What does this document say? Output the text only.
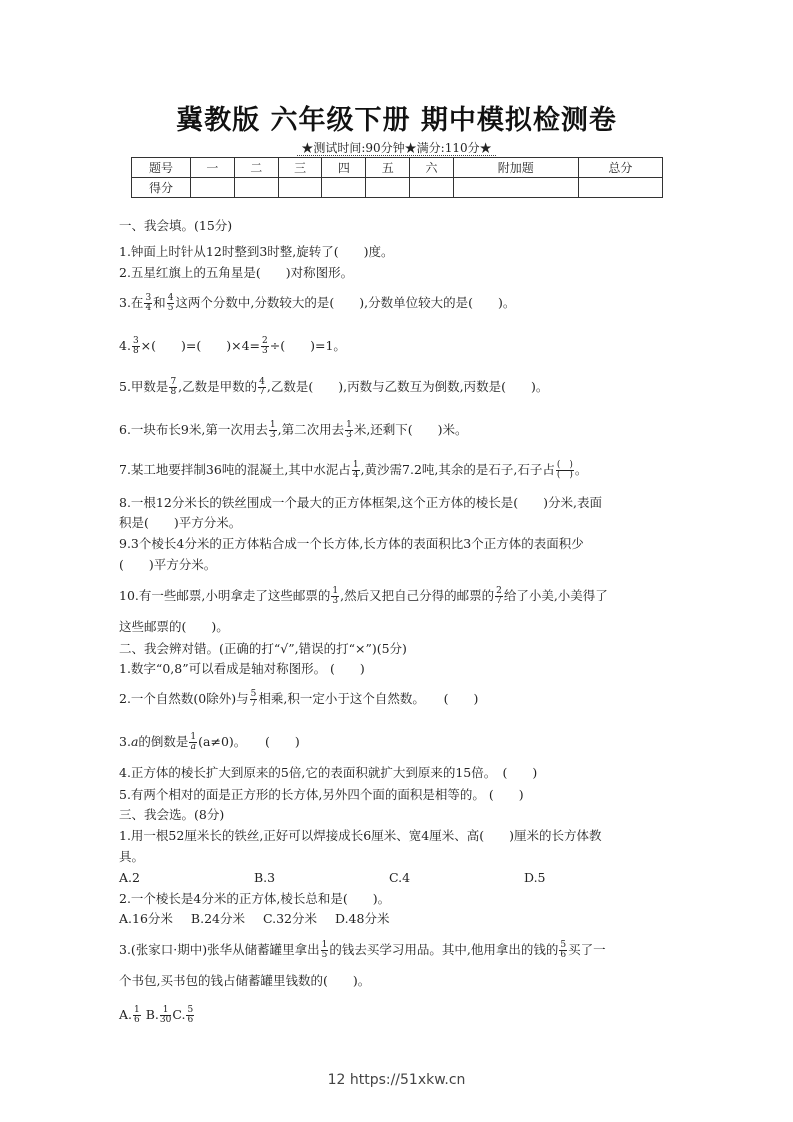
冀教版 六年级下册 期中模拟检测卷
★测试时间:90分钟★满分:110分★
题号	一	二	三	四	五	六	附加题	总分
得分								
一、我会填。(15分)
1.钟面上时针从12时整到3时整,旋转了(　　)度。
2.五星红旗上的五角星是(　　)对称图形。
3.在 $\frac{3}{4}$ 和 $\frac{4}{5}$ 这两个分数中,分数较大的是(　　),分数单位较大的是(　　)。
4. $\frac{3}{8}$ ×(　　)=(　　)$\times 4= \frac{2}{3}$ ÷(　　)=1。
5.甲数是 $\frac{7}{8}$ ,乙数是甲数的 $\frac{4}{7}$ ,乙数是(　　),丙数与乙数互为倒数,丙数是(　　)。
6.一块布长9米,第一次用去 $\frac{1}{3}$ ,第二次用去 $\frac{1}{3}$ 米,还剩下(　　)米。
7.某工地要拌制36吨的混凝土,其中水泥占 $\frac{1}{4}$ ,黄沙需7.2吨,其余的是石子,石子占 $\frac{( )}{( )}$ 。
8.一根12分米长的铁丝围成一个最大的正方体框架,这个正方体的棱长是(　　)分米,表面
积是(　　)平方分米。
9.3个棱长4分米的正方体粘合成一个长方体,长方体的表面积比3个正方体的表面积少
(　　)平方分米。
10.有一些邮票,小明拿走了这些邮票的 $\frac{1}{3}$ ,然后又把自己分得的邮票的 $\frac{2}{7}$ 给了小美,小美得了
这些邮票的(　　)。
二、我会辨对错。(正确的打“√”,错误的打“×”)(5分)
1.数字“0,8”可以看成是轴对称图形。 (　　)
2.一个自然数(0除外)与 $\frac{5}{7}$ 相乘,积一定小于这个自然数。　　(　　)
3.a的倒数是 $\frac{1}{a}(a\ne 0)$。　　(　　)
4.正方体的棱长扩大到原来的5倍,它的表面积就扩大到原来的15倍。　(　　)
5.有两个相对的面是正方形的长方体,另外四个面的面积是相等的。 (　　)
三、我会选。(8分)
1.用一根52厘米长的铁丝,正好可以焊接成长6厘米、宽4厘米、高(　　)厘米的长方体教
具。
A.2	B.3	C.4	D.5
2.一个棱长是4分米的正方体,棱长总和是(　　)。
A.16分米 B.24分米 C.32分米 D.48分米
3.(张家口·期中)张华从储蓄罐里拿出 $\frac{1}{5}$ 的钱去买学习用品。其中,他用拿出的钱的 $\frac{5}{6}$ 买了一
个书包,买书包的钱占储蓄罐里钱数的(　　)。
A. $\frac{1}{6} B$. $\frac{1}{30} C$. $\frac{5}{6}$
12 https://51xkw.cn
